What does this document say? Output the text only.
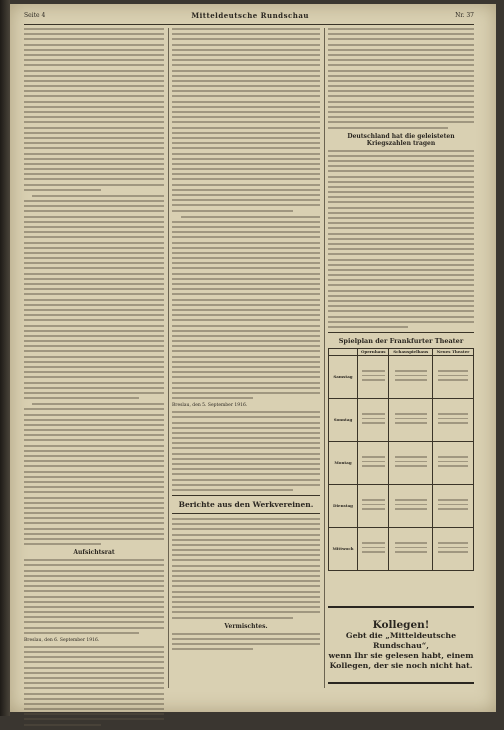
Seite 4	Mitteldeutsche Rundschau	Nr. 37
Aufsichtsrat
Breslau, den 6. September 1916.
Breslau, den 5. September 1916.
Berichte aus den Werkvereinen.
Vermischtes.
Deutschland hat die geleisteten Kriegszahlen tragen
Spielplan der Frankfurter Theater
	Opernhaus	Schauspielhaus	Neues Theater
Samstag	

Sonntag	

Montag	

Dienstag	

Mittwoch	

Kollegen!
Gebt die „Mitteldeutsche Rundschau“,
wenn Ihr sie gelesen habt, einem
Kollegen, der sie noch nicht hat.
